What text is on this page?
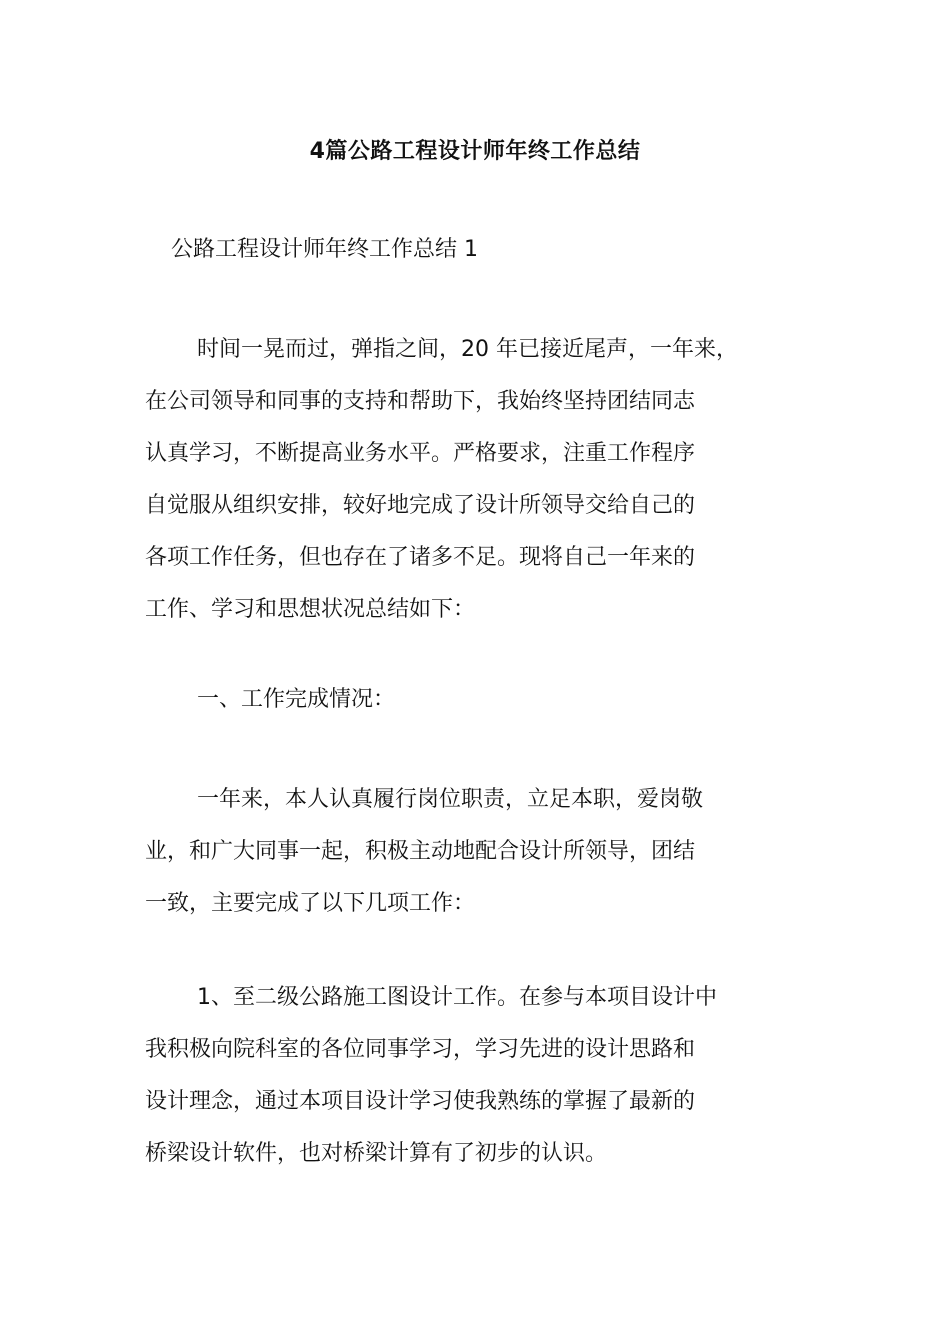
4篇公路工程设计师年终工作总结
公路工程设计师年终工作总结 1
时间一晃而过，弹指之间，20 年已接近尾声，一年来，
在公司领导和同事的支持和帮助下，我始终坚持团结同志
认真学习，不断提高业务水平。严格要求，注重工作程序
自觉服从组织安排，较好地完成了设计所领导交给自己的
各项工作任务，但也存在了诸多不足。现将自己一年来的
工作、学习和思想状况总结如下：
一、工作完成情况：
一年来，本人认真履行岗位职责，立足本职，爱岗敬
业，和广大同事一起，积极主动地配合设计所领导，团结
一致，主要完成了以下几项工作：
1、至二级公路施工图设计工作。在参与本项目设计中
我积极向院科室的各位同事学习，学习先进的设计思路和
设计理念，通过本项目设计学习使我熟练的掌握了最新的
桥梁设计软件，也对桥梁计算有了初步的认识。
